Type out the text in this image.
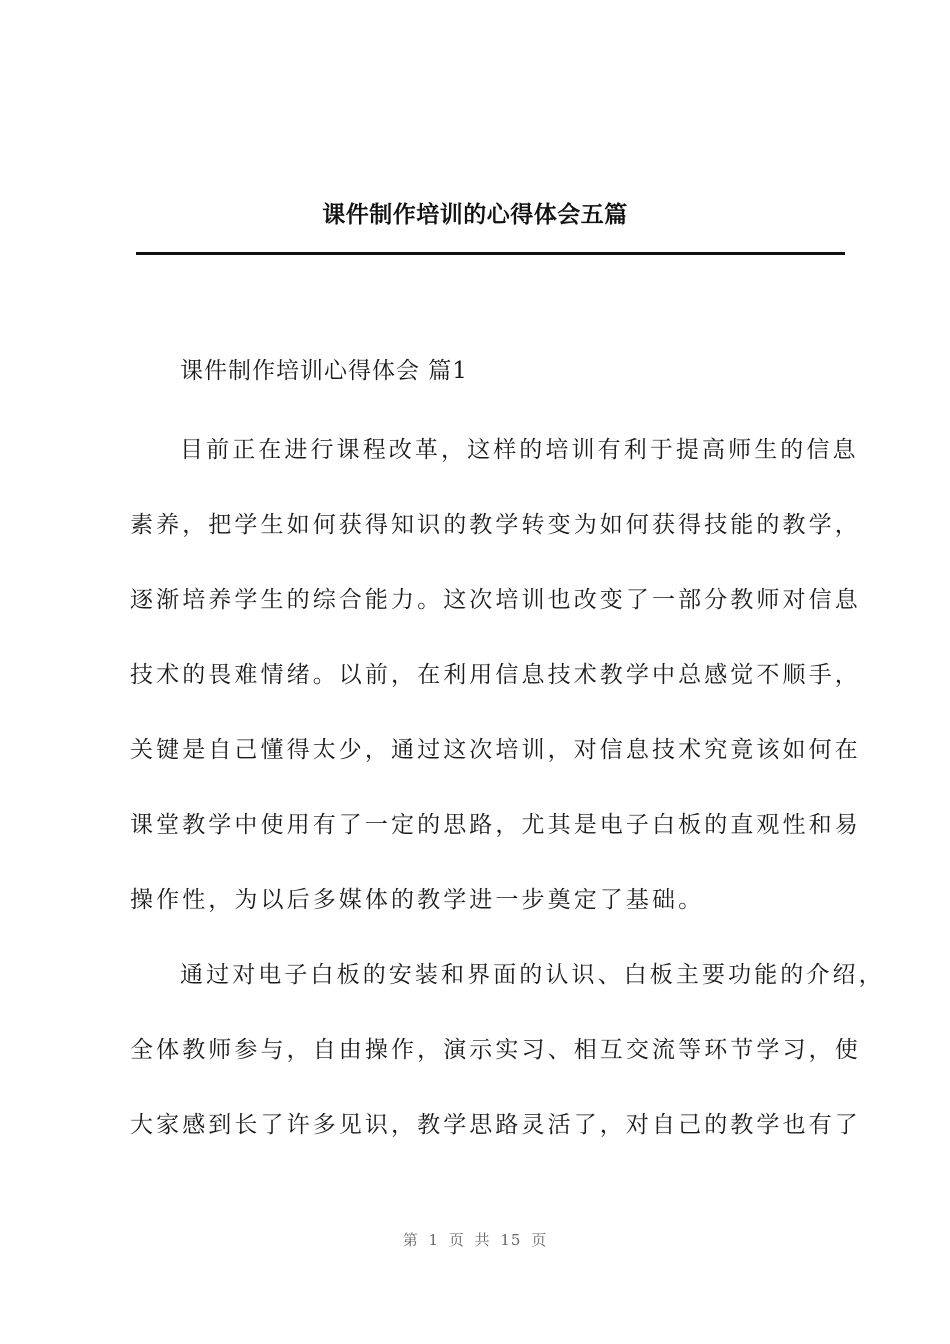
课件制作培训的心得体会五篇
课件制作培训心得体会 篇1
目前正在进行课程改革，这样的培训有利于提高师生的信息
素养，把学生如何获得知识的教学转变为如何获得技能的教学，
逐渐培养学生的综合能力。这次培训也改变了一部分教师对信息
技术的畏难情绪。以前，在利用信息技术教学中总感觉不顺手，
关键是自己懂得太少，通过这次培训，对信息技术究竟该如何在
课堂教学中使用有了一定的思路，尤其是电子白板的直观性和易
操作性，为以后多媒体的教学进一步奠定了基础。
通过对电子白板的安装和界面的认识、白板主要功能的介绍，
全体教师参与，自由操作，演示实习、相互交流等环节学习，使
大家感到长了许多见识，教学思路灵活了，对自己的教学也有了
第 1 页 共 15 页
